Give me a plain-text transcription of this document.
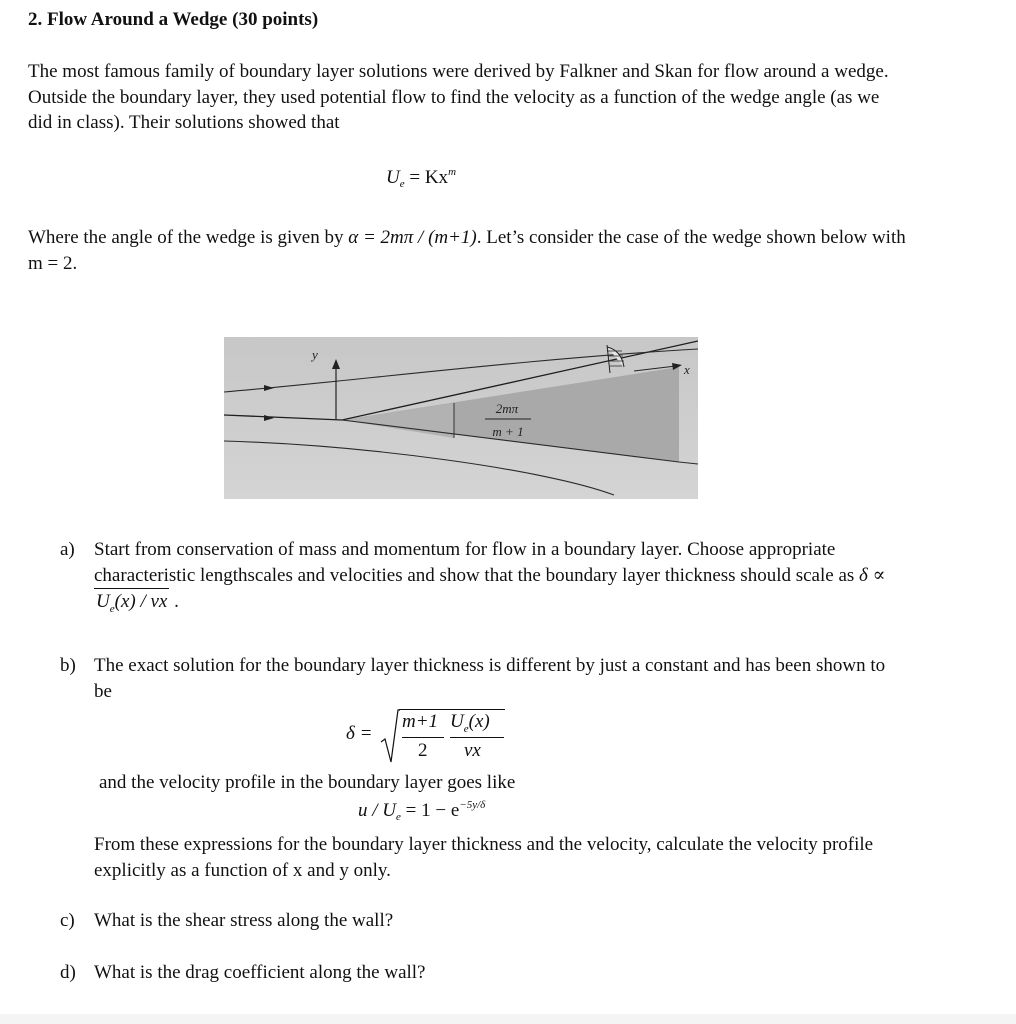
2. Flow Around a Wedge (30 points)

The most famous family of boundary layer solutions were derived by Falkner and Skan for flow around a wedge. Outside the boundary layer, they used potential flow to find the velocity as a function of the wedge angle (as we did in class). Their solutions showed that

$U_e = Kx^m$

Where the angle of the wedge is given by α = 2mπ / (m+1). Let’s consider the case of the wedge shown below with m = 2.

y
x
2mπ
m + 1
a) Start from conservation of mass and momentum for flow in a boundary layer. Choose appropriate characteristic lengthscales and velocities and show that the boundary layer thickness should scale as $\delta \propto U_e(x) / \nu x$ .
b) The exact solution for the boundary layer thickness is different by just a constant and has been shown to be
δ =
m+1
2
$U_e(x)$
νx
and the velocity profile in the boundary layer goes like
$u / U_e = 1 - e^{-5y/\delta}$
From these expressions for the boundary layer thickness and the velocity, calculate the velocity profile explicitly as a function of x and y only.
c) What is the shear stress along the wall?
d) What is the drag coefficient along the wall?
